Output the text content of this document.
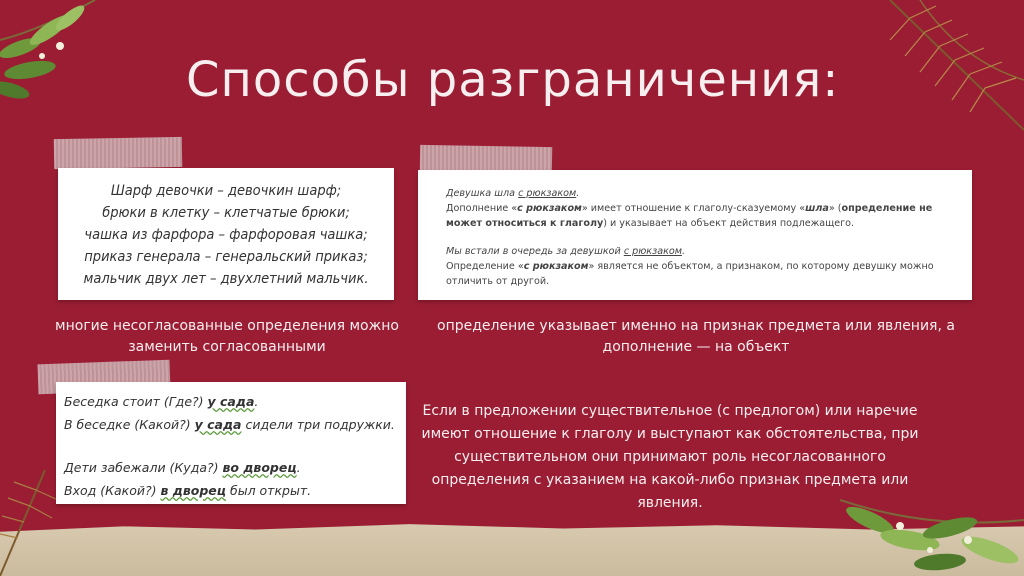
Способы разграничения:
Шарф девочки – девочкин шарф;
брюки в клетку – клетчатые брюки;
чашка из фарфора – фарфоровая чашка;
приказ генерала – генеральский приказ;
мальчик двух лет – двухлетний мальчик.

многие несогласованные определения можно заменить согласованными

Девушка шла с рюкзаком.
Дополнение «с рюкзаком» имеет отношение к глаголу-сказуемому «шла» (определение не может относиться к глаголу) и указывает на объект действия подлежащего.
Мы встали в очередь за девушкой с рюкзаком.
Определение «с рюкзаком» является не объектом, а признаком, по которому девушку можно отличить от другой.

определение указывает именно на признак предмета или явления, а дополнение — на объект

Беседка стоит (Где?) у сада.
В беседке (Какой?) у сада сидели три подружки.
Дети забежали (Куда?) во дворец.
Вход (Какой?) в дворец был открыт.

Если в предложении существительное (с предлогом) или наречие имеют отношение к глаголу и выступают как обстоятельства, при существительном они принимают роль несогласованного определения с указанием на какой-либо признак предмета или явления.
